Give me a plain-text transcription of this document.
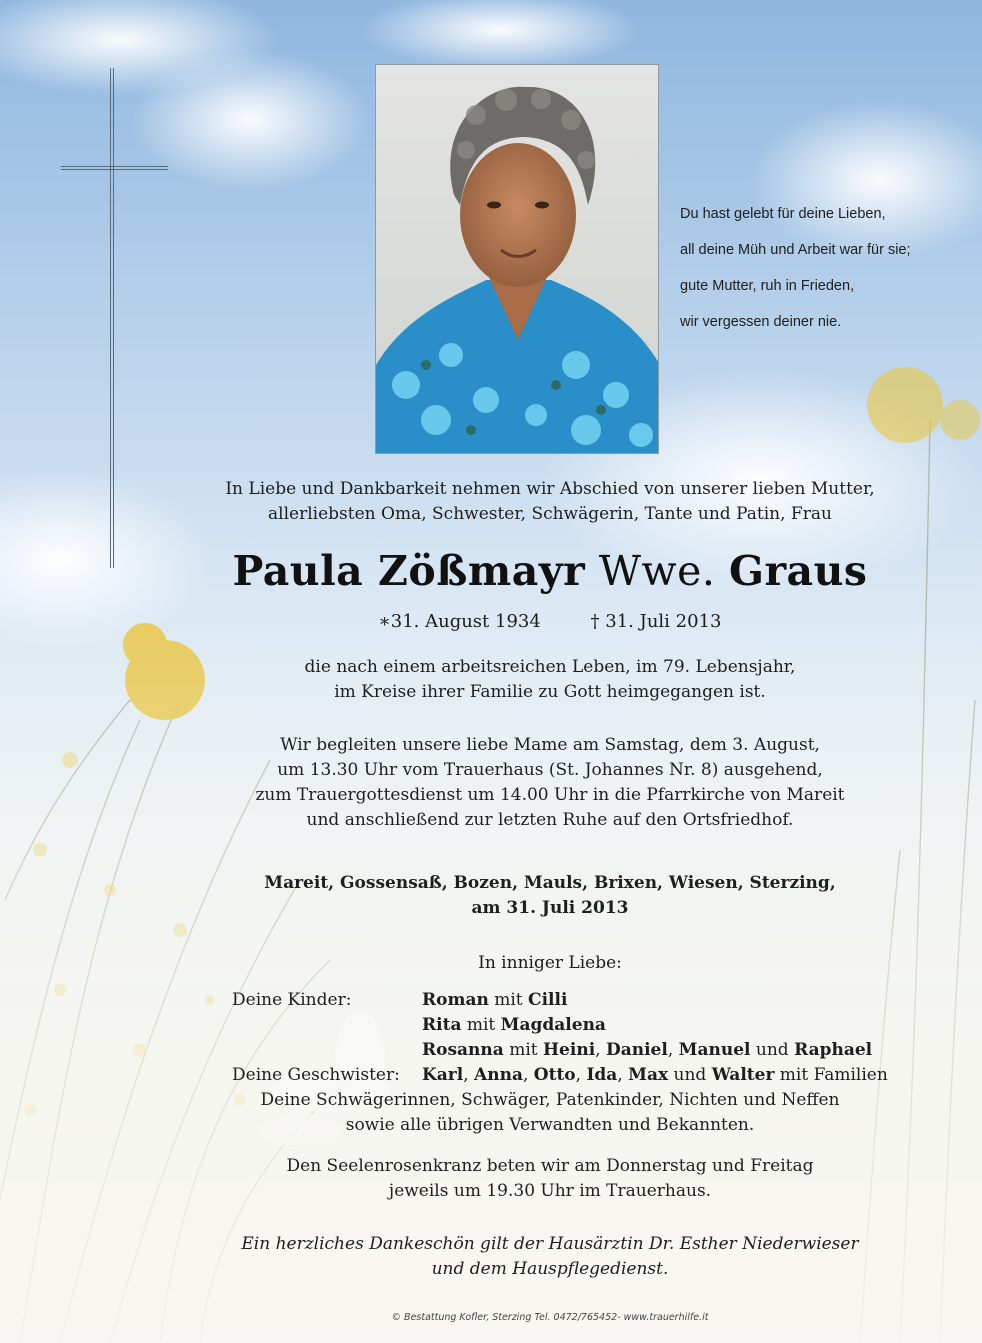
Du hast gelebt für deine Lieben,
all deine Müh und Arbeit war für sie;
gute Mutter, ruh in Frieden,
wir vergessen deiner nie.
In Liebe und Dankbarkeit nehmen wir Abschied von unserer lieben Mutter,
allerliebsten Oma, Schwester, Schwägerin, Tante und Patin, Frau
Paula Zößmayr Wwe. Graus
∗31. August 1934	† 31. Juli 2013
die nach einem arbeitsreichen Leben, im 79. Lebensjahr,
im Kreise ihrer Familie zu Gott heimgegangen ist.
Wir begleiten unsere liebe Mame am Samstag, dem 3. August,
um 13.30 Uhr vom Trauerhaus (St. Johannes Nr. 8) ausgehend,
zum Trauergottesdienst um 14.00 Uhr in die Pfarrkirche von Mareit
und anschließend zur letzten Ruhe auf den Ortsfriedhof.
Mareit, Gossensaß, Bozen, Mauls, Brixen, Wiesen, Sterzing,
am 31. Juli 2013
In inniger Liebe:
Deine Kinder:	Roman mit Cilli
Rita mit Magdalena
Rosanna mit Heini, Daniel, Manuel und Raphael
Deine Geschwister:	Karl, Anna, Otto, Ida, Max und Walter mit Familien
Deine Schwägerinnen, Schwäger, Patenkinder, Nichten und Neffen
sowie alle übrigen Verwandten und Bekannten.
Den Seelenrosenkranz beten wir am Donnerstag und Freitag
jeweils um 19.30 Uhr im Trauerhaus.
Ein herzliches Dankeschön gilt der Hausärztin Dr. Esther Niederwieser
und dem Hauspflegedienst.
© Bestattung Kofler, Sterzing Tel. 0472/765452- www.trauerhilfe.it
